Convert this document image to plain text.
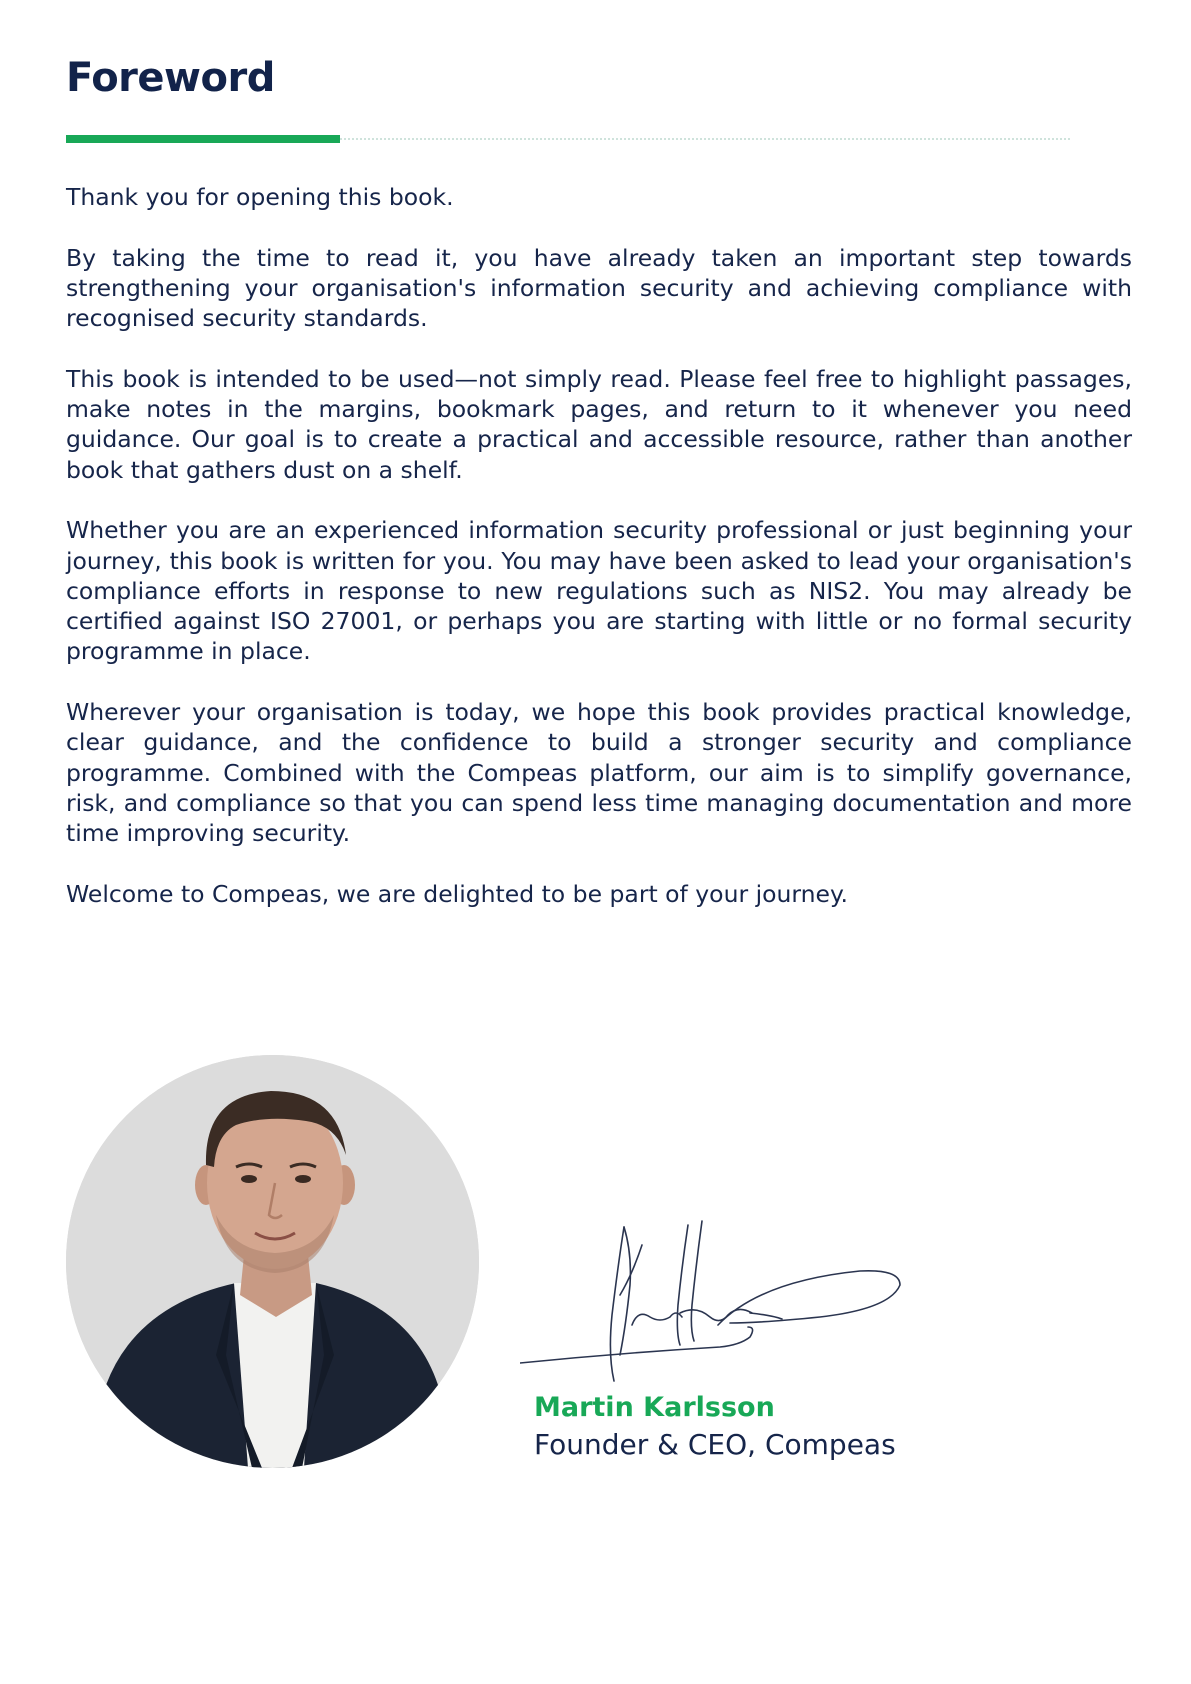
Foreword

Thank you for opening this book.

By taking the time to read it, you have already taken an important step towards strengthening your organisation's information security and achieving compliance with recognised security standards.

This book is intended to be used—not simply read. Please feel free to highlight passages, make notes in the margins, bookmark pages, and return to it whenever you need guidance. Our goal is to create a practical and accessible resource, rather than another book that gathers dust on a shelf.

Whether you are an experienced information security professional or just beginning your journey, this book is written for you. You may have been asked to lead your organisation's compliance efforts in response to new regulations such as NIS2. You may already be certified against ISO 27001, or perhaps you are starting with little or no formal security programme in place.

Wherever your organisation is today, we hope this book provides practical knowledge, clear guidance, and the confidence to build a stronger security and compliance programme. Combined with the Compeas platform, our aim is to simplify governance, risk, and compliance so that you can spend less time managing documentation and more time improving security.

Welcome to Compeas, we are delighted to be part of your journey.

Martin Karlsson

Founder & CEO, Compeas
